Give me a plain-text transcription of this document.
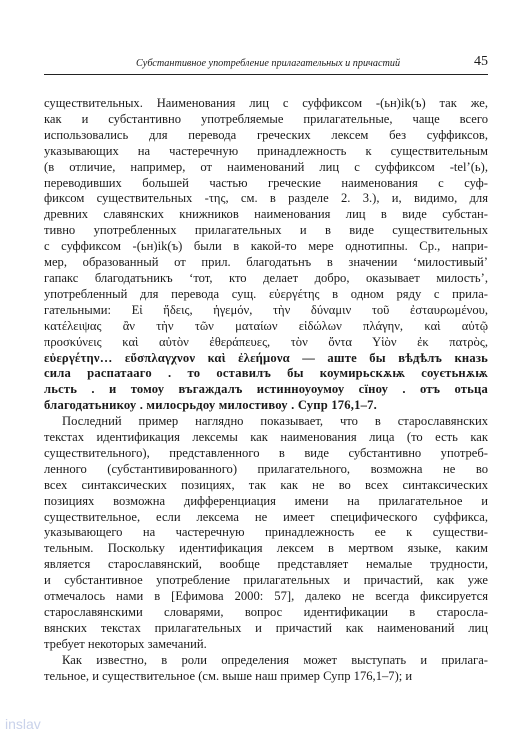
Субстантивное употребление прилагательных и причастий	45

существительных. Наименования лиц с суффиксом -(ьн)ik(ъ) так же,

как и субстантивно употребляемые прилагательные, чаще всего

использовались для перевода греческих лексем без суффиксов,

указывающих на частеречную принадлежность к существительным

(в отличие, например, от наименований лиц с суффиксом -tel’(ь),

переводивших большей частью греческие наименования с суф-

фиксом существительных -της, см. в разделе 2. 3.), и, видимо, для

древних славянских книжников наименования лиц в виде субстан-

тивно употребленных прилагательных и в виде существительных

с суффиксом -(ьн)ik(ъ) были в какой-то мере однотипны. Ср., напри-

мер, образованный от прил. благодатьнъ в значении ‘милостивый’

гапакс благодатьникъ ‘тот, кто делает добро, оказывает милость’,

употребленный для перевода сущ. εὐεργέτης в одном ряду с прила-

гательными: Εἰ ἥδεις, ἡγεμόν, τὴν δύναμιν τοῦ ἐσταυρωμένου,

κατέλειψας ἂν τὴν τῶν ματαίων εἰδώλων πλάγην, καὶ αὐτῷ

προσκύνεις καὶ αὐτὸν ἐθεράπευες, τὸν ὄντα Υἱὸν ἐκ πατρὸς,

εὐεργέτην… εὔσπλαγχνον καὶ ἐλεήμονα — аште бы вѣдѣлъ кназь

сила распатааго . то оставилъ бы коумирьскѫѭ соуєтьнѫѭ

льсть . и томоу въгаждалъ истинноуоумоу сїноу . отъ отьца

благодатьникоу . милосрьдоу милостивоу . Супр 176,1–7.

Последний пример наглядно показывает, что в старославянских

текстах идентификация лексемы как наименования лица (то есть как

существительного), представленного в виде субстантивно употреб-

ленного (субстантивированного) прилагательного, возможна не во

всех синтаксических позициях, так как не во всех синтаксических

позициях возможна дифференциация имени на прилагательное и

существительное, если лексема не имеет специфического суффикса,

указывающего на частеречную принадлежность ее к существи-

тельным. Поскольку идентификация лексем в мертвом языке, каким

является старославянский, вообще представляет немалые трудности,

и субстантивное употребление прилагательных и причастий, как уже

отмечалось нами в [Ефимова 2000: 57], далеко не всегда фиксируется

старославянскими словарями, вопрос идентификации в старосла-

вянских текстах прилагательных и причастий как наименований лиц

требует некоторых замечаний.

Как известно, в роли определения может выступать и прилага-

тельное, и существительное (см. выше наш пример Супр 176,1–7); и

inslav
